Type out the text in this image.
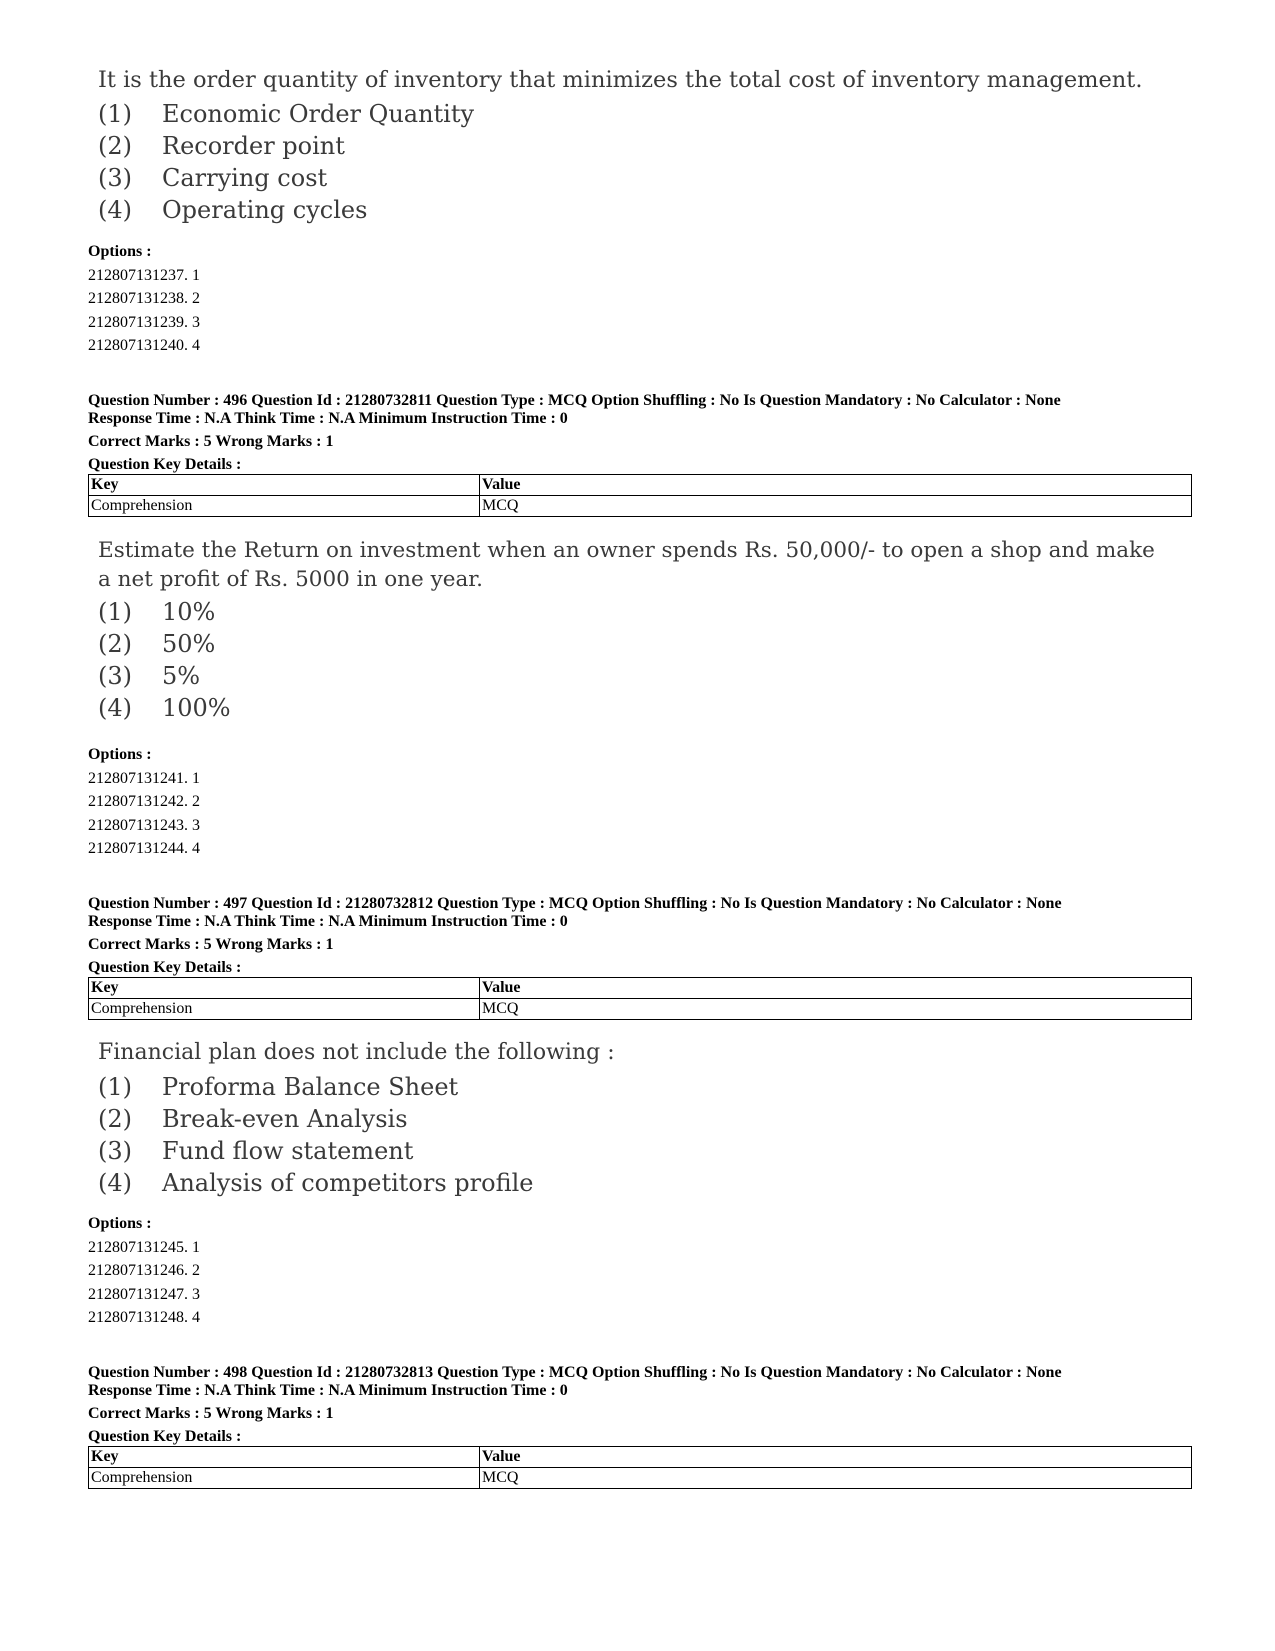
It is the order quantity of inventory that minimizes the total cost of inventory management.
(1)	Economic Order Quantity
(2)	Recorder point
(3)	Carrying cost
(4)	Operating cycles
Options :
212807131237. 1
212807131238. 2
212807131239. 3
212807131240. 4
Question Number : 496 Question Id : 21280732811 Question Type : MCQ Option Shuffling : No Is Question Mandatory : No Calculator : None
Response Time : N.A Think Time : N.A Minimum Instruction Time : 0
Correct Marks : 5 Wrong Marks : 1
Question Key Details :
Key	Value
Comprehension	MCQ
Estimate the Return on investment when an owner spends Rs. 50,000/- to open a shop and make
a net profit of Rs. 5000 in one year.
(1)	10%
(2)	50%
(3)	5%
(4)	100%
Options :
212807131241. 1
212807131242. 2
212807131243. 3
212807131244. 4
Question Number : 497 Question Id : 21280732812 Question Type : MCQ Option Shuffling : No Is Question Mandatory : No Calculator : None
Response Time : N.A Think Time : N.A Minimum Instruction Time : 0
Correct Marks : 5 Wrong Marks : 1
Question Key Details :
Key	Value
Comprehension	MCQ
Financial plan does not include the following :
(1)	Proforma Balance Sheet
(2)	Break-even Analysis
(3)	Fund flow statement
(4)	Analysis of competitors profile
Options :
212807131245. 1
212807131246. 2
212807131247. 3
212807131248. 4
Question Number : 498 Question Id : 21280732813 Question Type : MCQ Option Shuffling : No Is Question Mandatory : No Calculator : None
Response Time : N.A Think Time : N.A Minimum Instruction Time : 0
Correct Marks : 5 Wrong Marks : 1
Question Key Details :
Key	Value
Comprehension	MCQ
